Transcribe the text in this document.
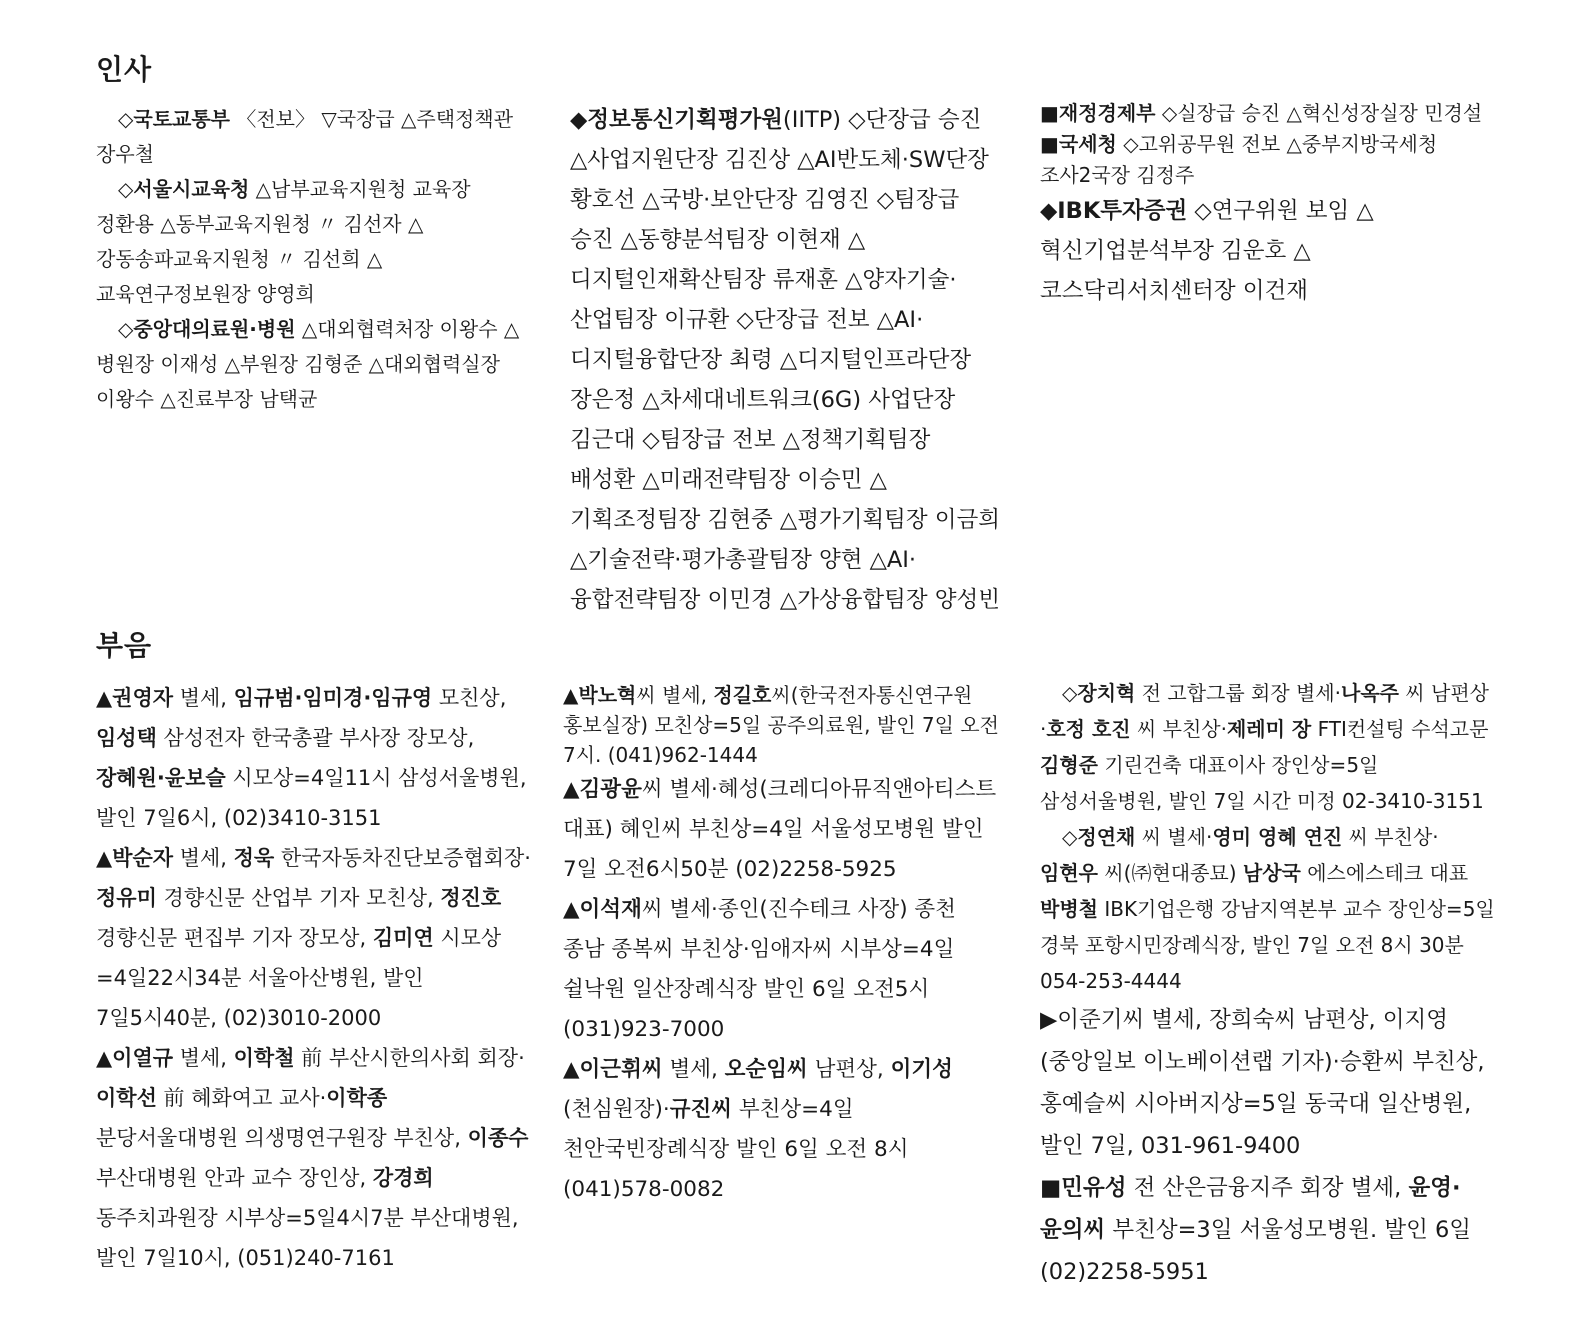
인사

◇국토교통부 〈전보〉 ▽국장급 △주택정책관 장우철

◇서울시교육청 △남부교육지원청 교육장 정환용 △동부교육지원청 〃 김선자 △강동송파교육지원청 〃 김선희 △교육연구정보원장 양영희

◇중앙대의료원·병원 △대외협력처장 이왕수 △병원장 이재성 △부원장 김형준 △대외협력실장 이왕수 △진료부장 남택균

◆정보통신기획평가원(IITP) ◇단장급 승진 △사업지원단장 김진상 △AI반도체·SW단장 황호선 △국방·보안단장 김영진 ◇팀장급 승진 △동향분석팀장 이현재 △디지털인재확산팀장 류재훈 △양자기술·산업팀장 이규환 ◇단장급 전보 △AI·디지털융합단장 최령 △디지털인프라단장 장은정 △차세대네트워크(6G) 사업단장 김근대 ◇팀장급 전보 △정책기획팀장 배성환 △미래전략팀장 이승민 △기획조정팀장 김현중 △평가기획팀장 이금희 △기술전략·평가총괄팀장 양현 △AI·융합전략팀장 이민경 △가상융합팀장 양성빈

■재정경제부 ◇실장급 승진 △혁신성장실장 민경설

■국세청 ◇고위공무원 전보 △중부지방국세청 조사2국장 김정주

◆IBK투자증권 ◇연구위원 보임 △혁신기업분석부장 김운호 △코스닥리서치센터장 이건재

부음

▲권영자 별세, 임규범·임미경·임규영 모친상, 임성택 삼성전자 한국총괄 부사장 장모상, 장혜원·윤보슬 시모상=4일11시 삼성서울병원, 발인 7일6시, (02)3410-3151

▲박순자 별세, 정욱 한국자동차진단보증협회장·정유미 경향신문 산업부 기자 모친상, 정진호 경향신문 편집부 기자 장모상, 김미연 시모상=4일22시34분 서울아산병원, 발인 7일5시40분, (02)3010-2000

▲이열규 별세, 이학철 前 부산시한의사회 회장·이학선 前 혜화여고 교사·이학종 분당서울대병원 의생명연구원장 부친상, 이종수 부산대병원 안과 교수 장인상, 강경희 동주치과원장 시부상=5일4시7분 부산대병원, 발인 7일10시, (051)240-7161

▲박노혁씨 별세, 정길호씨(한국전자통신연구원 홍보실장) 모친상=5일 공주의료원, 발인 7일 오전 7시. (041)962-1444

▲김광윤씨 별세·혜성(크레디아뮤직앤아티스트 대표) 혜인씨 부친상=4일 서울성모병원 발인 7일 오전6시50분 (02)2258-5925

▲이석재씨 별세·종인(진수테크 사장) 종천 종남 종복씨 부친상·임애자씨 시부상=4일 쉴낙원 일산장례식장 발인 6일 오전5시(031)923-7000

▲이근휘씨 별세, 오순임씨 남편상, 이기성(천심원장)·규진씨 부친상=4일 천안국빈장례식장 발인 6일 오전 8시 (041)578-0082

◇장치혁 전 고합그룹 회장 별세·나옥주 씨 남편상·호정 호진 씨 부친상·제레미 장 FTI컨설팅 수석고문 김형준 기린건축 대표이사 장인상=5일 삼성서울병원, 발인 7일 시간 미정 02-3410-3151

◇정연채 씨 별세·영미 영혜 연진 씨 부친상·임현우 씨(㈜현대종묘) 남상국 에스에스테크 대표 박병철 IBK기업은행 강남지역본부 교수 장인상=5일 경북 포항시민장례식장, 발인 7일 오전 8시 30분 054-253-4444

▶이준기씨 별세, 장희숙씨 남편상, 이지영(중앙일보 이노베이션랩 기자)·승환씨 부친상, 홍예슬씨 시아버지상=5일 동국대 일산병원, 발인 7일, 031-961-9400

■민유성 전 산은금융지주 회장 별세, 윤영·윤의씨 부친상=3일 서울성모병원. 발인 6일 (02)2258-5951
